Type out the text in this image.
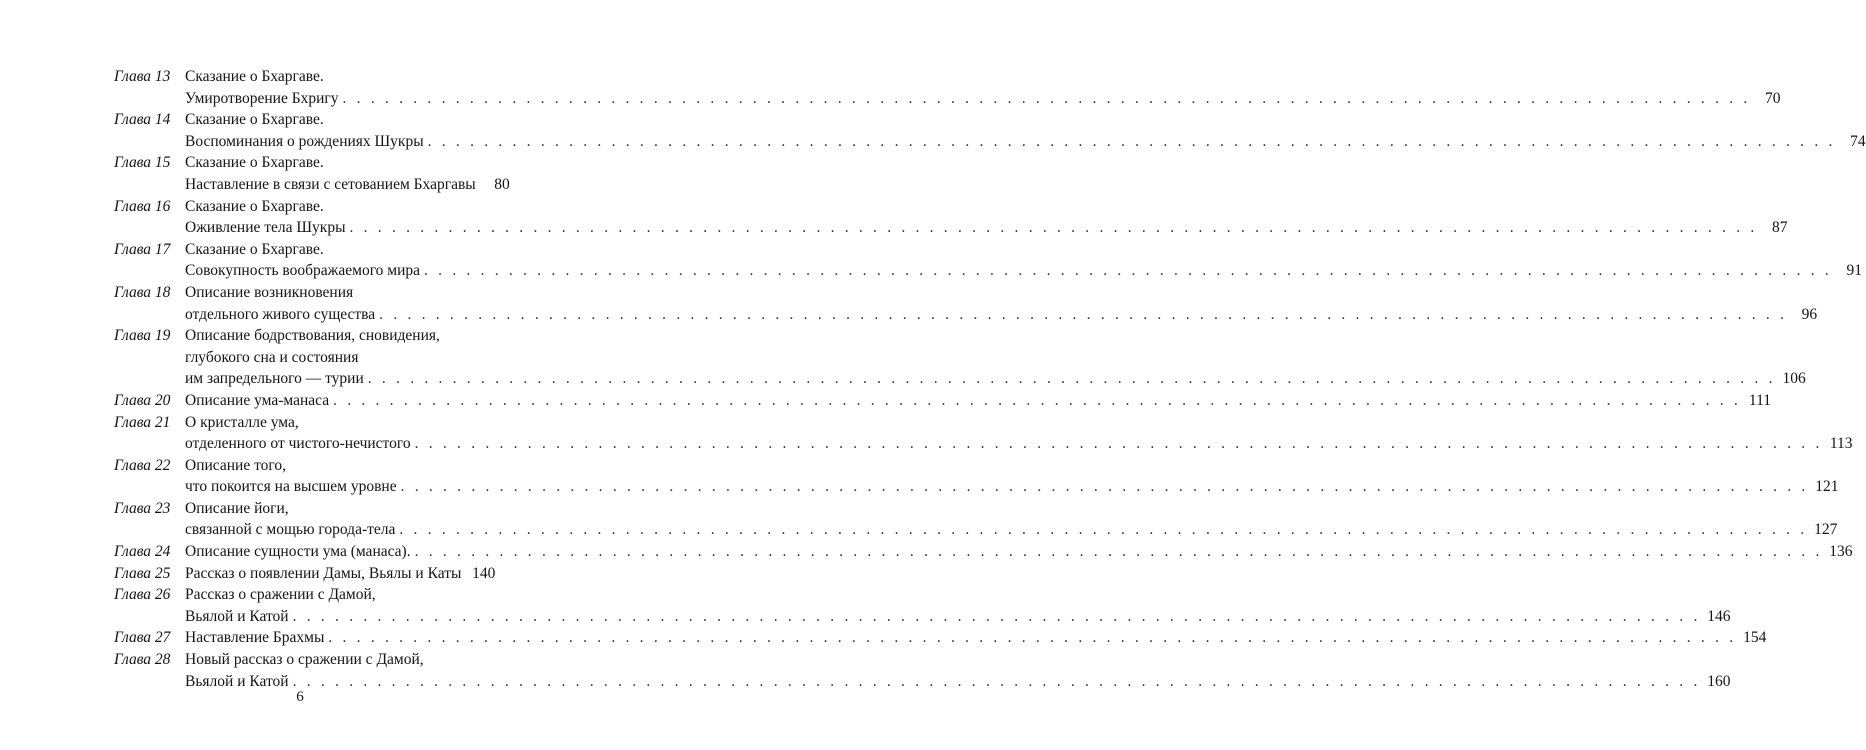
Глава 13 Сказание о Бхаргаве.
Умиротворение Бхригу . . .	70
Глава 14 Сказание о Бхаргаве.
Воспоминания о рождениях Шукры . . .	74
Глава 15 Сказание о Бхаргаве.
Наставление в связи с сетованием Бхаргавы	80
Глава 16 Сказание о Бхаргаве.
Оживление тела Шукры . . .	87
Глава 17 Сказание о Бхаргаве.
Совокупность воображаемого мира . . .	91
Глава 18 Описание возникновения
отдельного живого существа . . .	96
Глава 19 Описание бодрствования, сновидения,
глубокого сна и состояния
им запредельного — турии . . .	106
Глава 20 Описание ума-манаса . . .	111
Глава 21 О кристалле ума,
отделенного от чистого-нечистого . . .	113
Глава 22 Описание того,
что покоится на высшем уровне . . .	121
Глава 23 Описание йоги,
связанной с мощью города-тела . . .	127
Глава 24 Описание сущности ума (манаса). . . .	136
Глава 25 Рассказ о появлении Дамы, Вьялы и Каты 140
Глава 26 Рассказ о сражении с Дамой,
Вьялой и Катой . . .	146
Глава 27 Наставление Брахмы . . .	154
Глава 28 Новый рассказ о сражении с Дамой,
Вьялой и Катой . . .	160
6
